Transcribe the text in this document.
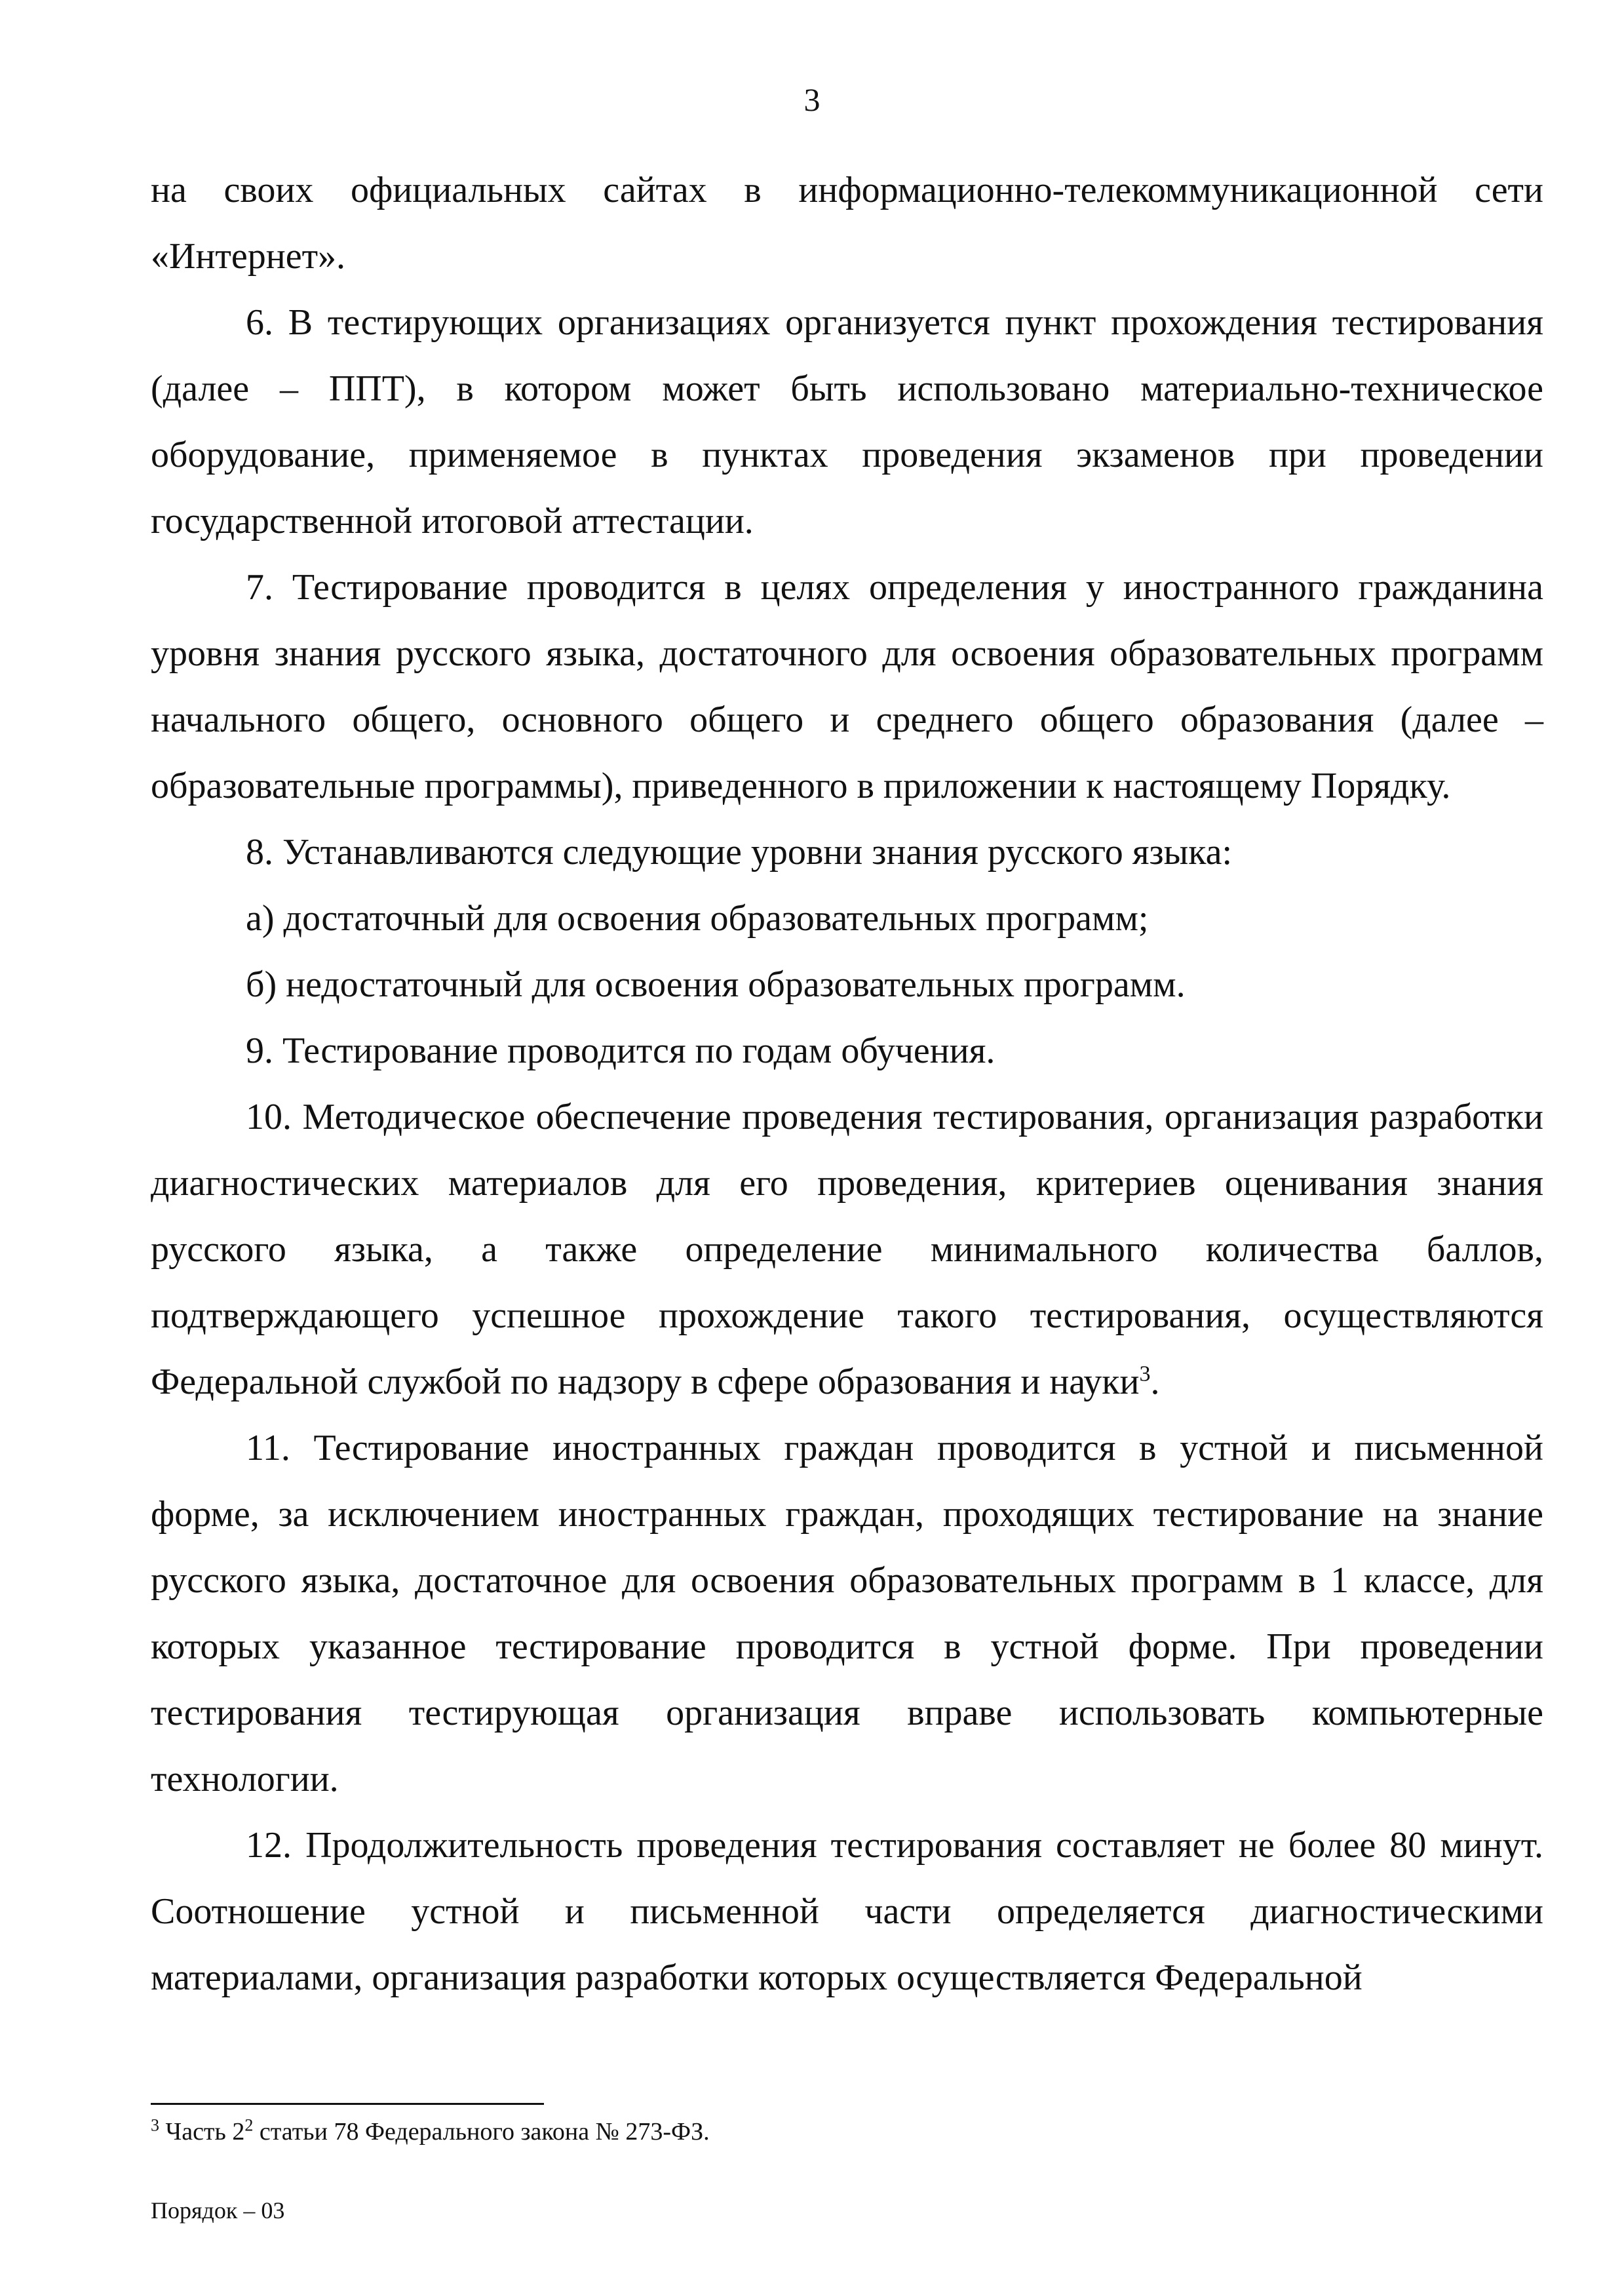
3

на своих официальных сайтах в информационно-телекоммуникационной сети «Интернет».

6. В тестирующих организациях организуется пункт прохождения тестирования (далее – ППТ), в котором может быть использовано материально-техническое оборудование, применяемое в пунктах проведения экзаменов при проведении государственной итоговой аттестации.

7. Тестирование проводится в целях определения у иностранного гражданина уровня знания русского языка, достаточного для освоения образовательных программ начального общего, основного общего и среднего общего образования (далее – образовательные программы), приведенного в приложении к настоящему Порядку.

8. Устанавливаются следующие уровни знания русского языка:

а) достаточный для освоения образовательных программ;

б) недостаточный для освоения образовательных программ.

9. Тестирование проводится по годам обучения.

10. Методическое обеспечение проведения тестирования, организация разработки диагностических материалов для его проведения, критериев оценивания знания русского языка, а также определение минимального количества баллов, подтверждающего успешное прохождение такого тестирования, осуществляются Федеральной службой по надзору в сфере образования и науки$^3$.

11. Тестирование иностранных граждан проводится в устной и письменной форме, за исключением иностранных граждан, проходящих тестирование на знание русского языка, достаточное для освоения образовательных программ в 1 классе, для которых указанное тестирование проводится в устной форме. При проведении тестирования тестирующая организация вправе использовать компьютерные технологии.

12. Продолжительность проведения тестирования составляет не более 80 минут. Соотношение устной и письменной части определяется диагностическими материалами, организация разработки которых осуществляется Федеральной

$^3$ Часть $2^2$ статьи 78 Федерального закона № 273-ФЗ.
Порядок – 03
